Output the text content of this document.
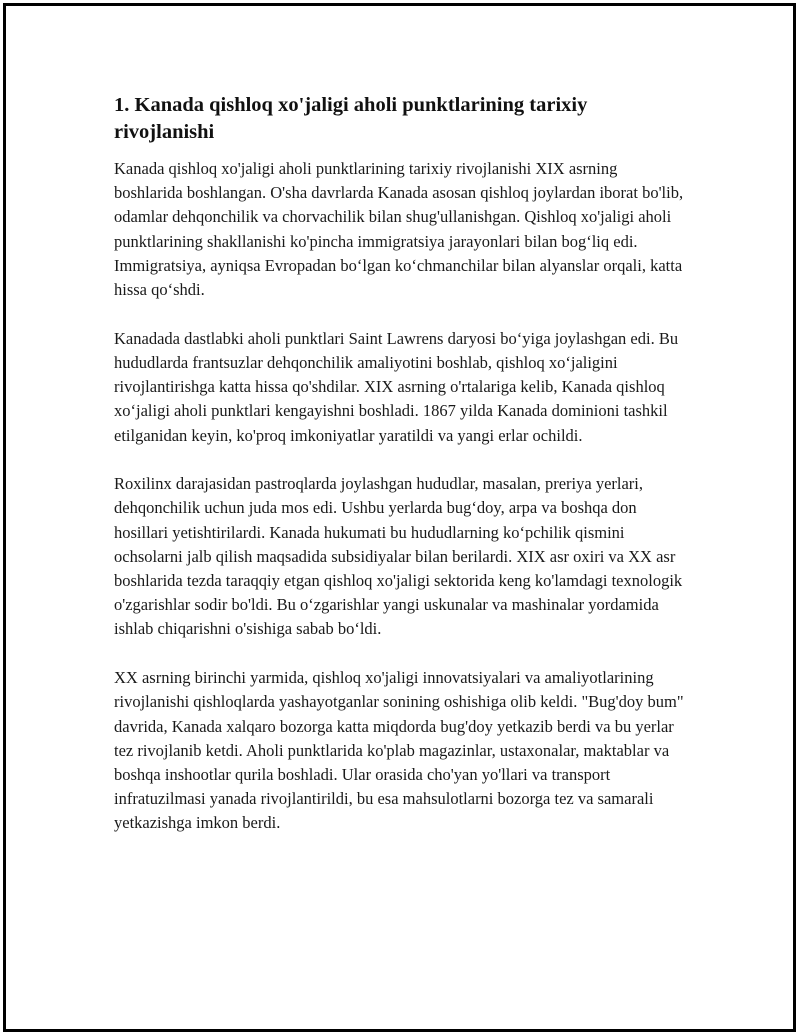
1. Kanada qishloq xo'jaligi aholi punktlarining tarixiy rivojlanishi

Kanada qishloq xo'jaligi aholi punktlarining tarixiy rivojlanishi XIX asrning boshlarida boshlangan. O'sha davrlarda Kanada asosan qishloq joylardan iborat bo'lib, odamlar dehqonchilik va chorvachilik bilan shug'ullanishgan. Qishloq xo'jaligi aholi punktlarining shakllanishi ko'pincha immigratsiya jarayonlari bilan bog‘liq edi. Immigratsiya, ayniqsa Evropadan bo‘lgan ko‘chmanchilar bilan alyanslar orqali, katta hissa qo‘shdi.

Kanadada dastlabki aholi punktlari Saint Lawrens daryosi bo‘yiga joylashgan edi. Bu hududlarda frantsuzlar dehqonchilik amaliyotini boshlab, qishloq xo‘jaligini rivojlantirishga katta hissa qo'shdilar. XIX asrning o'rtalariga kelib, Kanada qishloq xo‘jaligi aholi punktlari kengayishni boshladi. 1867 yilda Kanada dominioni tashkil etilganidan keyin, ko'proq imkoniyatlar yaratildi va yangi erlar ochildi.

Roxilinx darajasidan pastroqlarda joylashgan hududlar, masalan, preriya yerlari, dehqonchilik uchun juda mos edi. Ushbu yerlarda bug‘doy, arpa va boshqa don hosillari yetishtirilardi. Kanada hukumati bu hududlarning ko‘pchilik qismini ochsolarni jalb qilish maqsadida subsidiyalar bilan berilardi. XIX asr oxiri va XX asr boshlarida tezda taraqqiy etgan qishloq xo'jaligi sektorida keng ko'lamdagi texnologik o'zgarishlar sodir bo'ldi. Bu o‘zgarishlar yangi uskunalar va mashinalar yordamida ishlab chiqarishni o'sishiga sabab bo‘ldi.

XX asrning birinchi yarmida, qishloq xo'jaligi innovatsiyalari va amaliyotlarining rivojlanishi qishloqlarda yashayotganlar sonining oshishiga olib keldi. "Bug'doy bum" davrida, Kanada xalqaro bozorga katta miqdorda bug'doy yetkazib berdi va bu yerlar tez rivojlanib ketdi. Aholi punktlarida ko'plab magazinlar, ustaxonalar, maktablar va boshqa inshootlar qurila boshladi. Ular orasida cho'yan yo'llari va transport infratuzilmasi yanada rivojlantirildi, bu esa mahsulotlarni bozorga tez va samarali yetkazishga imkon berdi.
